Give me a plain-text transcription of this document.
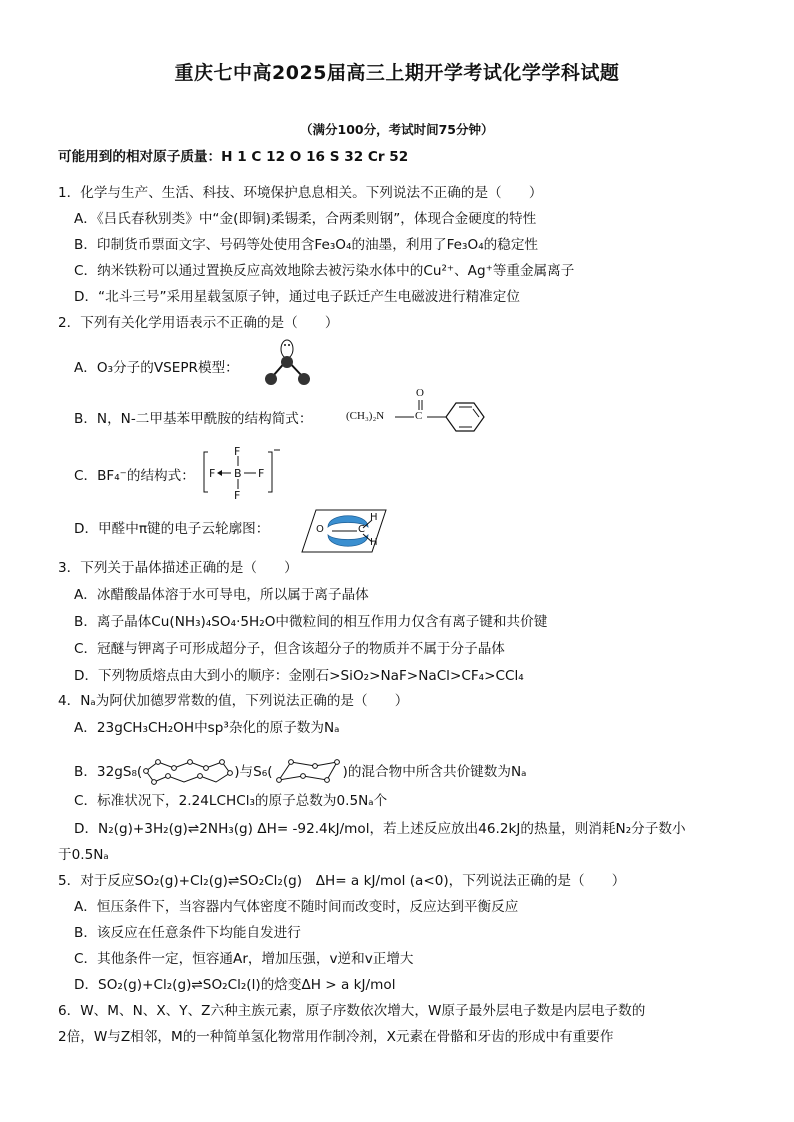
重庆七中高2025届高三上期开学考试化学学科试题
（满分100分，考试时间75分钟）
可能用到的相对原子质量：H 1 C 12 O 16 S 32 Cr 52
1．化学与生产、生活、科技、环境保护息息相关。下列说法不正确的是（　　）
A．《吕氏春秋别类》中“金(即铜)柔锡柔，合两柔则钢”，体现合金硬度的特性
B．印制货币票面文字、号码等处使用含Fe₃O₄的油墨，利用了Fe₃O₄的稳定性
C．纳米铁粉可以通过置换反应高效地除去被污染水体中的Cu²⁺、Ag⁺等重金属离子
D．“北斗三号”采用星载氢原子钟，通过电子跃迁产生电磁波进行精准定位
2．下列有关化学用语表示不正确的是（　　）
A．O₃分子的VSEPR模型：
B．N，N-二甲基苯甲酰胺的结构简式：	(CH₃)₂N
O
C
C．BF₄⁻的结构式：	B
F	F
F
F
D．甲醛中π键的电子云轮廓图：	O	C
H
H
3．下列关于晶体描述正确的是（　　）
A．冰醋酸晶体溶于水可导电，所以属于离子晶体
B．离子晶体Cu(NH₃)₄SO₄·5H₂O中微粒间的相互作用力仅含有离子键和共价键
C．冠醚与钾离子可形成超分子，但含该超分子的物质并不属于分子晶体
D．下列物质熔点由大到小的顺序：金刚石>SiO₂>NaF>NaCl>CF₄>CCl₄
4．Nₐ为阿伏加德罗常数的值，下列说法正确的是（　　）
A．23gCH₃CH₂OH中sp³杂化的原子数为Nₐ
B．32gS₈(	)与S₆(	)的混合物中所含共价键数为Nₐ
C．标准状况下，2.24LCHCl₃的原子总数为0.5Nₐ个
D．N₂(g)+3H₂(g)⇌2NH₃(g) ΔH= -92.4kJ/mol，若上述反应放出46.2kJ的热量，则消耗N₂分子数小
于0.5Nₐ
5．对于反应SO₂(g)+Cl₂(g)⇌SO₂Cl₂(g)　ΔH= a kJ/mol (a<0)，下列说法正确的是（　　）
A．恒压条件下，当容器内气体密度不随时间而改变时，反应达到平衡反应
B．该反应在任意条件下均能自发进行
C．其他条件一定，恒容通Ar，增加压强，v逆和v正增大
D．SO₂(g)+Cl₂(g)⇌SO₂Cl₂(l)的焓变ΔH > a kJ/mol
6．W、M、N、X、Y、Z六种主族元素，原子序数依次增大，W原子最外层电子数是内层电子数的
2倍，W与Z相邻，M的一种简单氢化物常用作制冷剂，X元素在骨骼和牙齿的形成中有重要作
